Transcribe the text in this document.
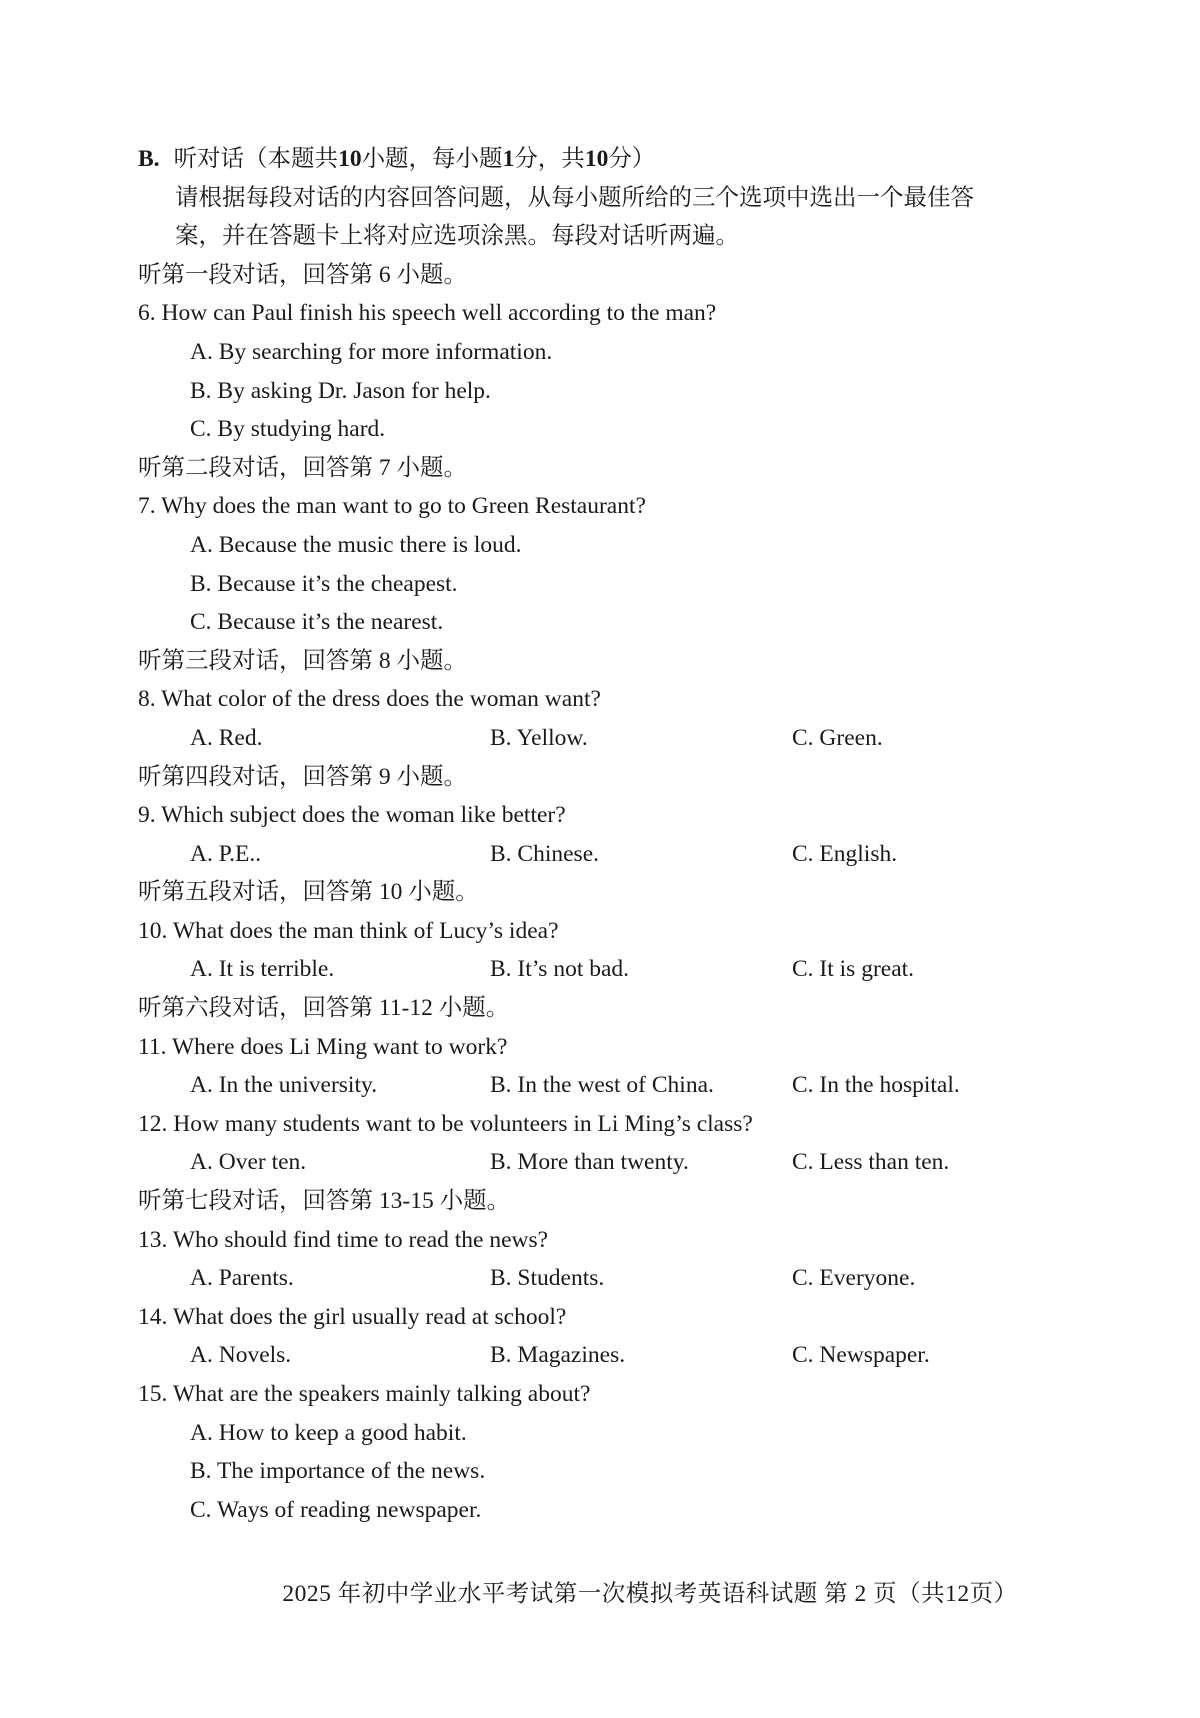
B. 听对话（本题共10小题，每小题1分，共10分）
请根据每段对话的内容回答问题，从每小题所给的三个选项中选出一个最佳答
案，并在答题卡上将对应选项涂黑。每段对话听两遍。
听第一段对话，回答第 6 小题。
6. How can Paul finish his speech well according to the man?
A. By searching for more information.
B. By asking Dr. Jason for help.
C. By studying hard.
听第二段对话，回答第 7 小题。
7. Why does the man want to go to Green Restaurant?
A. Because the music there is loud.
B. Because it’s the cheapest.
C. Because it’s the nearest.
听第三段对话，回答第 8 小题。
8. What color of the dress does the woman want?
A. Red.	B. Yellow.	C. Green.
听第四段对话，回答第 9 小题。
9. Which subject does the woman like better?
A. P.E..	B. Chinese.	C. English.
听第五段对话，回答第 10 小题。
10. What does the man think of Lucy’s idea?
A. It is terrible.	B. It’s not bad.	C. It is great.
听第六段对话，回答第 11-12 小题。
11. Where does Li Ming want to work?
A. In the university.	B. In the west of China.	C. In the hospital.
12. How many students want to be volunteers in Li Ming’s class?
A. Over ten.	B. More than twenty.	C. Less than ten.
听第七段对话，回答第 13-15 小题。
13. Who should find time to read the news?
A. Parents.	B. Students.	C. Everyone.
14. What does the girl usually read at school?
A. Novels.	B. Magazines.	C. Newspaper.
15. What are the speakers mainly talking about?
A. How to keep a good habit.
B. The importance of the news.
C. Ways of reading newspaper.
2025 年初中学业水平考试第一次模拟考英语科试题 第 2 页（共12页）
